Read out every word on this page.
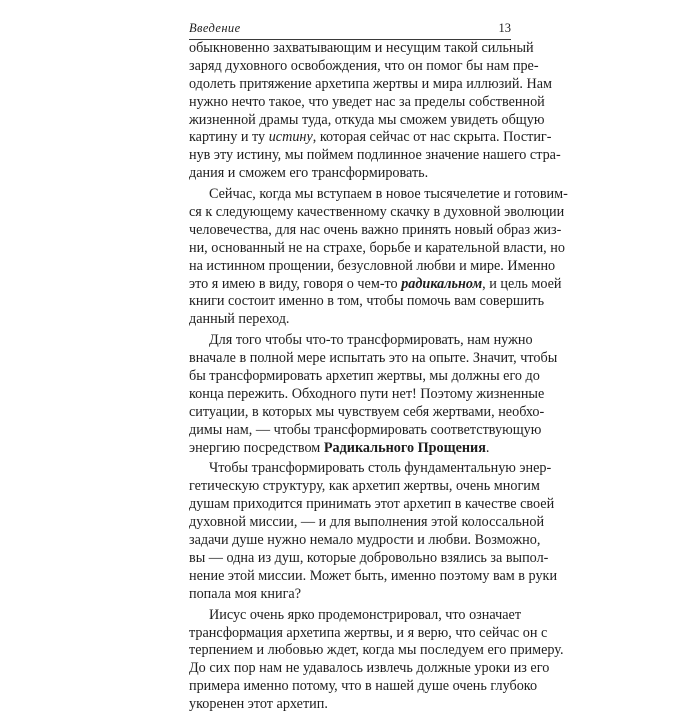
Введение	13
обыкновенно захватывающим и несущим такой сильный
заряд духовного освобождения, что он помог бы нам пре-
одолеть притяжение архетипа жертвы и мира иллюзий. Нам
нужно нечто такое, что уведет нас за пределы собственной
жизненной драмы туда, откуда мы сможем увидеть общую
картину и ту истину, которая сейчас от нас скрыта. Постиг-
нув эту истину, мы поймем подлинное значение нашего стра-
дания и сможем его трансформировать.
Сейчас, когда мы вступаем в новое тысячелетие и готовим-
ся к следующему качественному скачку в духовной эволюции
человечества, для нас очень важно принять новый образ жиз-
ни, основанный не на страхе, борьбе и карательной власти, но
на истинном прощении, безусловной любви и мире. Именно
это я имею в виду, говоря о чем-то радикальном, и цель моей
книги состоит именно в том, чтобы помочь вам совершить
данный переход.
Для того чтобы что-то трансформировать, нам нужно
вначале в полной мере испытать это на опыте. Значит, чтобы
бы трансформировать архетип жертвы, мы должны его до
конца пережить. Обходного пути нет! Поэтому жизненные
ситуации, в которых мы чувствуем себя жертвами, необхо-
димы нам, — чтобы трансформировать соответствующую
энергию посредством Радикального Прощения.
Чтобы трансформировать столь фундаментальную энер-
гетическую структуру, как архетип жертвы, очень многим
душам приходится принимать этот архетип в качестве своей
духовной миссии, — и для выполнения этой колоссальной
задачи душе нужно немало мудрости и любви. Возможно,
вы — одна из душ, которые добровольно взялись за выпол-
нение этой миссии. Может быть, именно поэтому вам в руки
попала моя книга?
Иисус очень ярко продемонстрировал, что означает
трансформация архетипа жертвы, и я верю, что сейчас он с
терпением и любовью ждет, когда мы последуем его примеру.
До сих пор нам не удавалось извлечь должные уроки из его
примера именно потому, что в нашей душе очень глубоко
укоренен этот архетип.
